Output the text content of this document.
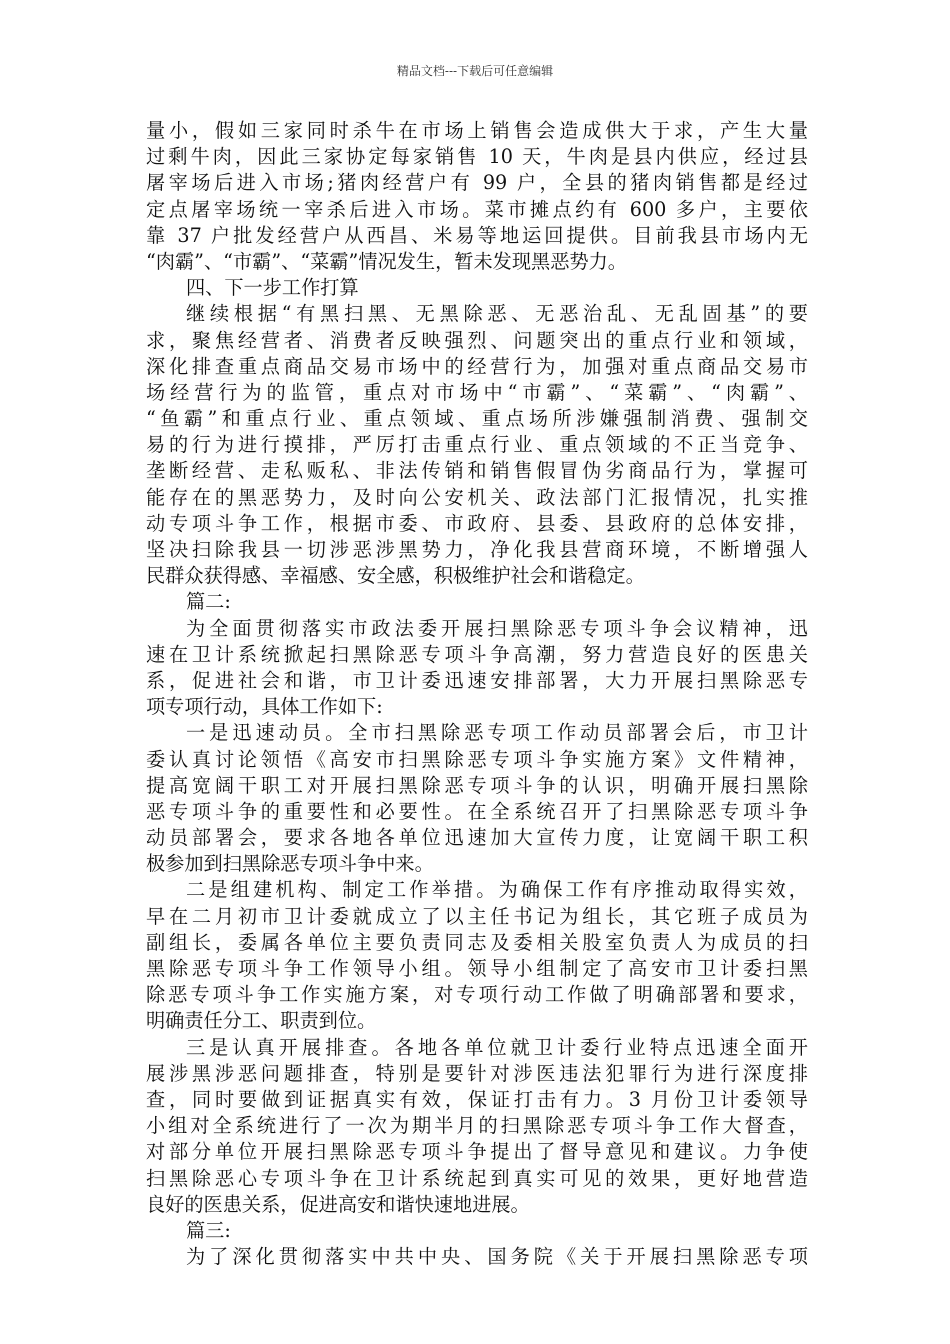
精品文档---下载后可任意编辑
量小，假如三家同时杀牛在市场上销售会造成供大于求，产生大量
过剩牛肉，因此三家协定每家销售 10 天，牛肉是县内供应，经过县
屠宰场后进入市场;猪肉经营户有 99 户，全县的猪肉销售都是经过
定点屠宰场统一宰杀后进入市场。菜市摊点约有 600 多户，主要依
靠 37 户批发经营户从西昌、米易等地运回提供。目前我县市场内无
“肉霸”、“市霸”、“菜霸”情况发生，暂未发现黑恶势力。
四、下一步工作打算
继续根据“有黑扫黑、无黑除恶、无恶治乱、无乱固基”的要
求，聚焦经营者、消费者反映强烈、问题突出的重点行业和领域，
深化排查重点商品交易市场中的经营行为，加强对重点商品交易市
场经营行为的监管，重点对市场中“市霸”、“菜霸”、“肉霸”、
“鱼霸”和重点行业、重点领域、重点场所涉嫌强制消费、强制交
易的行为进行摸排，严厉打击重点行业、重点领域的不正当竞争、
垄断经营、走私贩私、非法传销和销售假冒伪劣商品行为，掌握可
能存在的黑恶势力，及时向公安机关、政法部门汇报情况，扎实推
动专项斗争工作，根据市委、市政府、县委、县政府的总体安排，
坚决扫除我县一切涉恶涉黑势力，净化我县营商环境，不断增强人
民群众获得感、幸福感、安全感，积极维护社会和谐稳定。
篇二:
为全面贯彻落实市政法委开展扫黑除恶专项斗争会议精神，迅
速在卫计系统掀起扫黑除恶专项斗争高潮，努力营造良好的医患关
系，促进社会和谐，市卫计委迅速安排部署，大力开展扫黑除恶专
项专项行动，具体工作如下:
一是迅速动员。全市扫黑除恶专项工作动员部署会后，市卫计
委认真讨论领悟《高安市扫黑除恶专项斗争实施方案》文件精神，
提高宽阔干职工对开展扫黑除恶专项斗争的认识，明确开展扫黑除
恶专项斗争的重要性和必要性。在全系统召开了扫黑除恶专项斗争
动员部署会，要求各地各单位迅速加大宣传力度，让宽阔干职工积
极参加到扫黑除恶专项斗争中来。
二是组建机构、制定工作举措。为确保工作有序推动取得实效，
早在二月初市卫计委就成立了以主任书记为组长，其它班子成员为
副组长，委属各单位主要负责同志及委相关股室负责人为成员的扫
黑除恶专项斗争工作领导小组。领导小组制定了高安市卫计委扫黑
除恶专项斗争工作实施方案，对专项行动工作做了明确部署和要求，
明确责任分工、职责到位。
三是认真开展排查。各地各单位就卫计委行业特点迅速全面开
展涉黑涉恶问题排查，特别是要针对涉医违法犯罪行为进行深度排
查，同时要做到证据真实有效，保证打击有力。3 月份卫计委领导
小组对全系统进行了一次为期半月的扫黑除恶专项斗争工作大督查，
对部分单位开展扫黑除恶专项斗争提出了督导意见和建议。力争使
扫黑除恶心专项斗争在卫计系统起到真实可见的效果，更好地营造
良好的医患关系，促进高安和谐快速地进展。
篇三:
为了深化贯彻落实中共中央、国务院《关于开展扫黑除恶专项
